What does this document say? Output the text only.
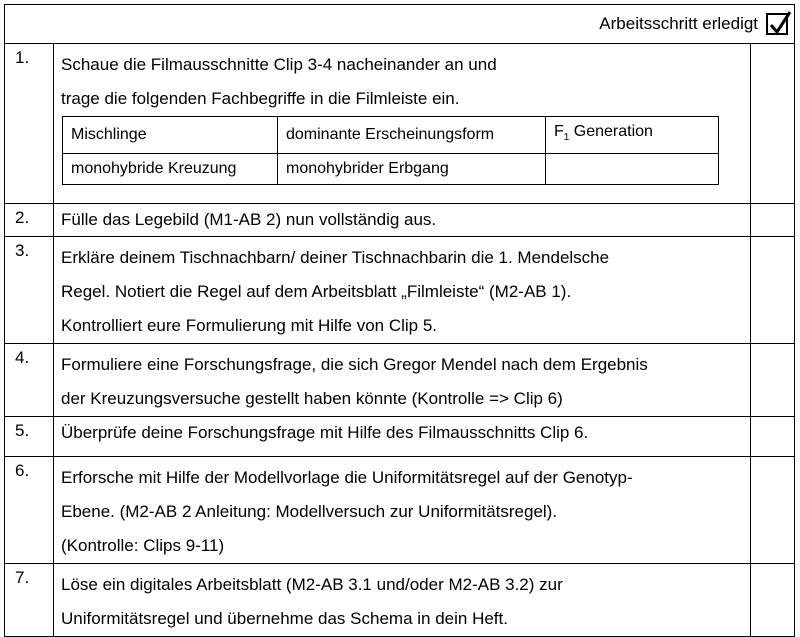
Arbeitsschritt erledigt

1.	Schaue die Filmausschnitte Clip 3-4 nacheinander an und
trage die folgenden Fachbegriffe in die Filmleiste ein.
Mischlinge	dominante Erscheinungsform	$F_1$ Generation
monohybride Kreuzung	monohybrider Erbgang	

2.	Fülle das Legebild (M1-AB 2) nun vollständig aus.

3.	Erkläre deinem Tischnachbarn/ deiner Tischnachbarin die 1. Mendelsche
Regel. Notiert die Regel auf dem Arbeitsblatt „Filmleiste“ (M2-AB 1).
Kontrolliert eure Formulierung mit Hilfe von Clip 5.

4.	Formuliere eine Forschungsfrage, die sich Gregor Mendel nach dem Ergebnis
der Kreuzungsversuche gestellt haben könnte (Kontrolle => Clip 6)

5.	Überprüfe deine Forschungsfrage mit Hilfe des Filmausschnitts Clip 6.

6.	Erforsche mit Hilfe der Modellvorlage die Uniformitätsregel auf der Genotyp-
Ebene. (M2-AB 2 Anleitung: Modellversuch zur Uniformitätsregel).
(Kontrolle: Clips 9-11)

7.	Löse ein digitales Arbeitsblatt (M2-AB 3.1 und/oder M2-AB 3.2) zur
Uniformitätsregel und übernehme das Schema in dein Heft.
